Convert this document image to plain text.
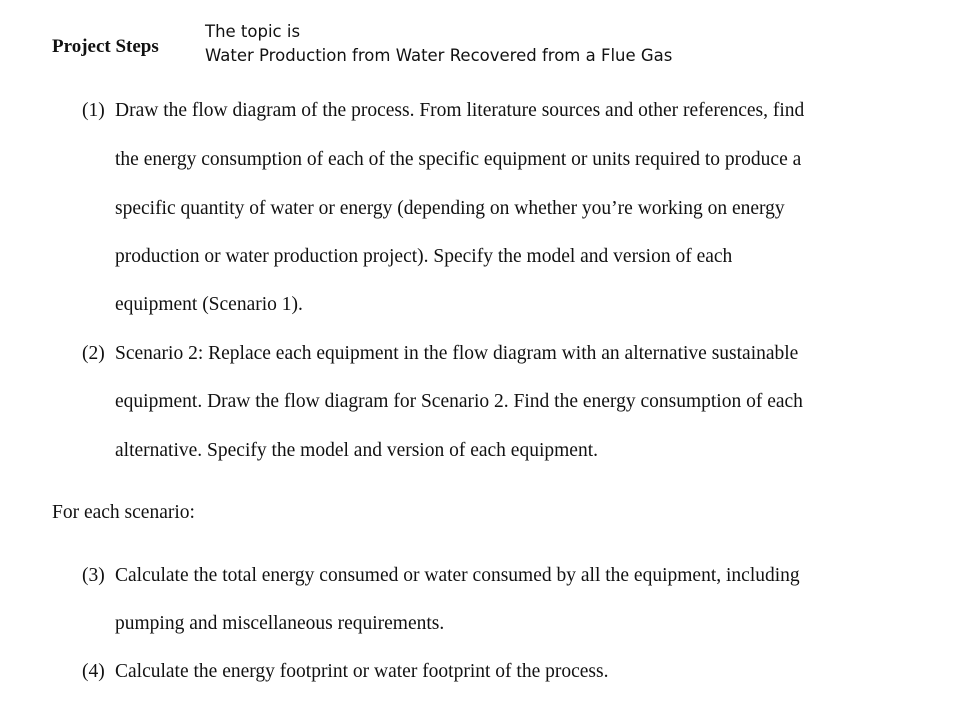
Project Steps
The topic is
Water Production from Water Recovered from a Flue Gas
(1) Draw the flow diagram of the process. From literature sources and other references, find
the energy consumption of each of the specific equipment or units required to produce a
specific quantity of water or energy (depending on whether you’re working on energy
production or water production project). Specify the model and version of each
equipment (Scenario 1).
(2) Scenario 2: Replace each equipment in the flow diagram with an alternative sustainable
equipment. Draw the flow diagram for Scenario 2. Find the energy consumption of each
alternative. Specify the model and version of each equipment.
For each scenario:
(3) Calculate the total energy consumed or water consumed by all the equipment, including
pumping and miscellaneous requirements.
(4) Calculate the energy footprint or water footprint of the process.
